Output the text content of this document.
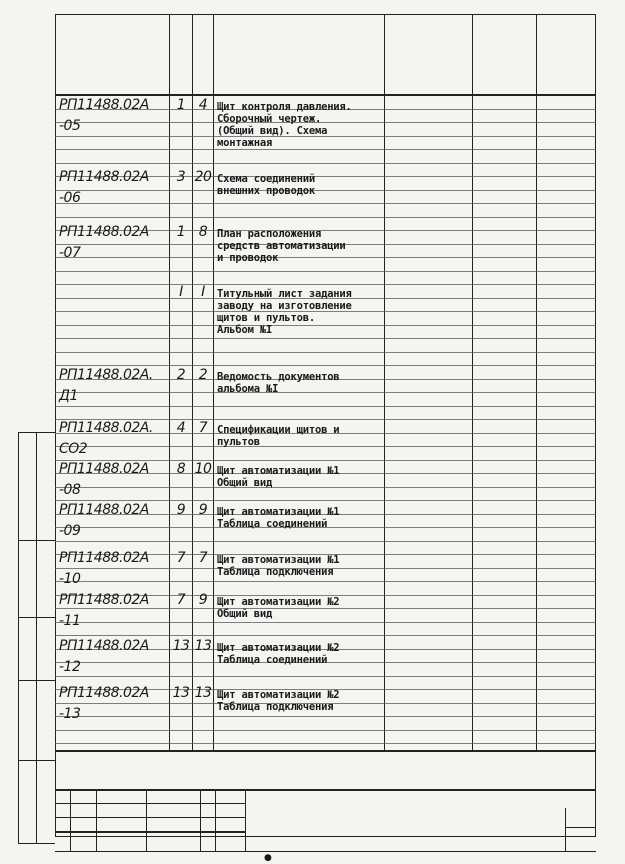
РП11488.02А
-05
1 4 Щит контроля давления.
Сборочный чертеж.
(Общий вид). Схема
монтажная
РП11488.02А
-06
3 20 Схема соединений
внешних проводок
РП11488.02А
-07
1 8 План расположения
средств автоматизации
и проводок
I	I	Титульный лист задания
заводу на изготовление
щитов и пультов.
Альбом №I
РП11488.02А.
Д1
2 2 Ведомость документов
альбома №I
РП11488.02А.
СО2
4 7 Спецификации щитов и
пультов
РП11488.02А
-08
8 10 Щит автоматизации №1
Общий вид
РП11488.02А
-09
9 9 Щит автоматизации №1
Таблица соединений
РП11488.02А
-10
7 7 Щит автоматизации №1
Таблица подключения
РП11488.02А
-11
7 9 Щит автоматизации №2
Общий вид
РП11488.02А
-12
13 13 Щит автоматизации №2
Таблица соединений
РП11488.02А
-13
13 13 Щит автоматизации №2
Таблица подключения
●
